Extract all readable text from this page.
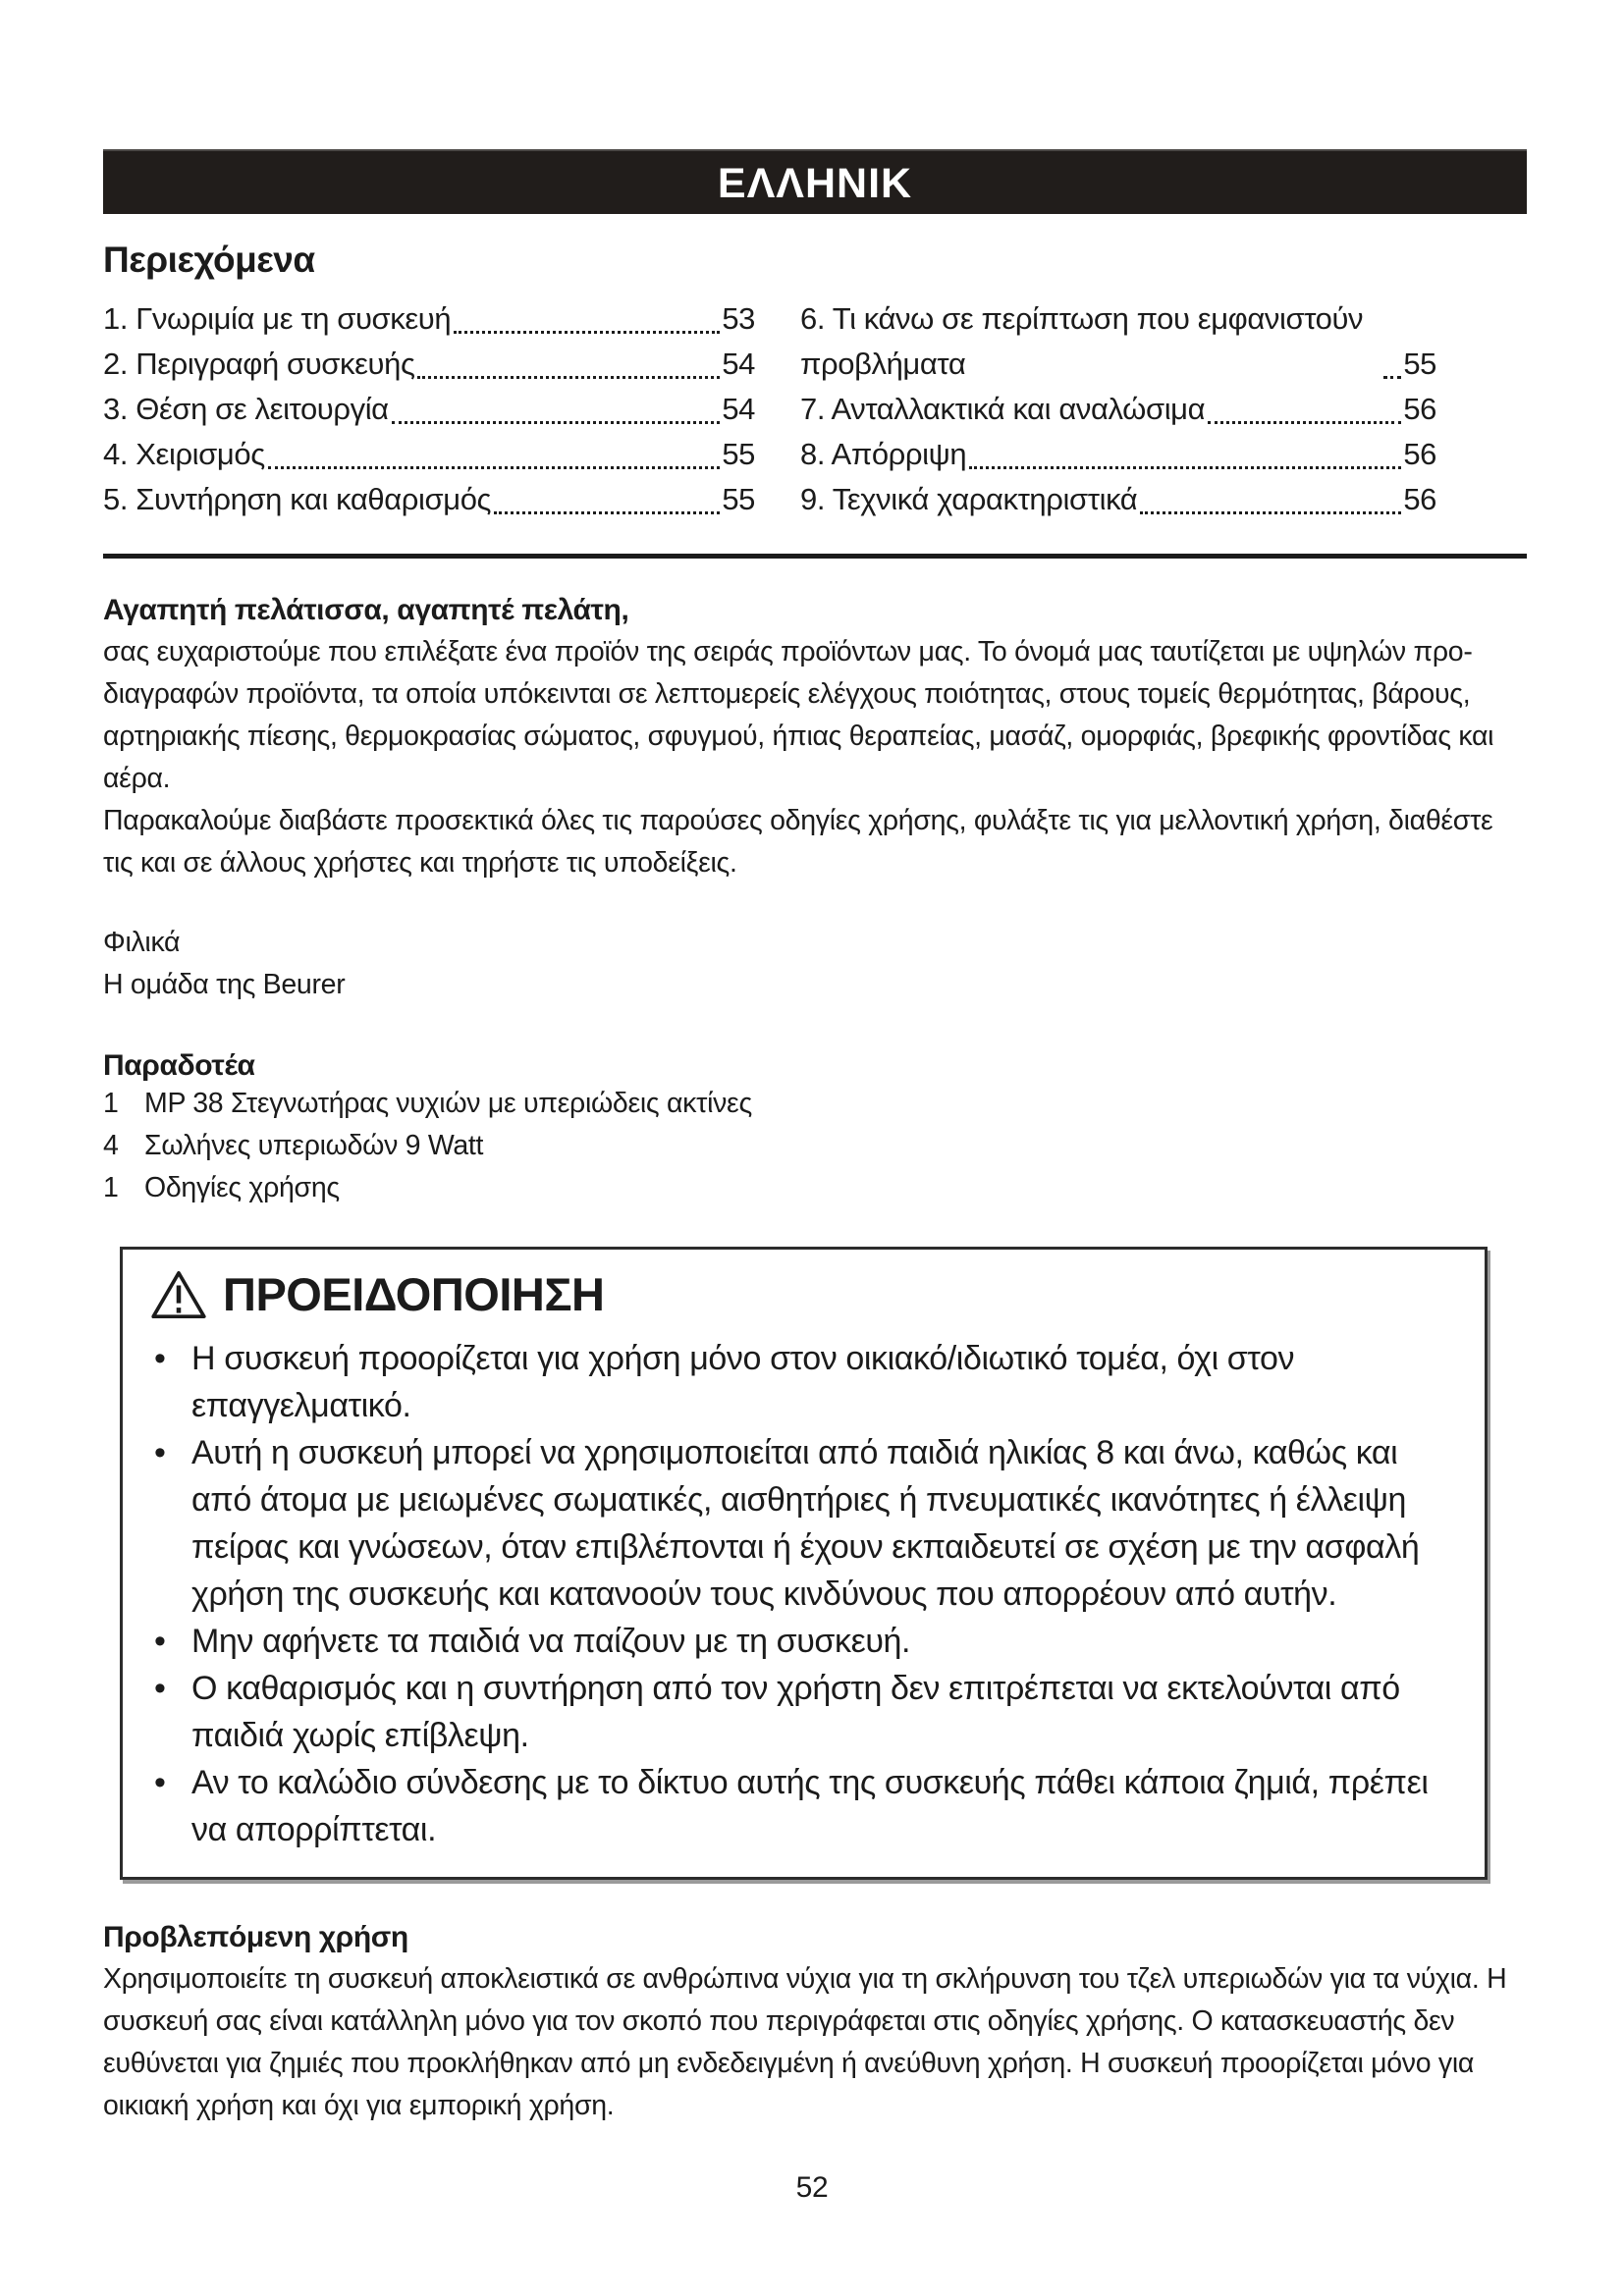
ΕΛΛΗΝΙΚ
Περιεχόμενα
1. Γνωριμία με τη συσκευή	53
2. Περιγραφή συσκευής	54
3. Θέση σε λειτουργία	54
4. Χειρισμός	55
5. Συντήρηση και καθαρισμός	55
6. Τι κάνω σε περίπτωση που εμφανιστούν προβλήματα	55
7. Ανταλλακτικά και αναλώσιμα	56
8. Απόρριψη	56
9. Τεχνικά χαρακτηριστικά	56
Αγαπητή πελάτισσα, αγαπητέ πελάτη,
σας ευχαριστούμε που επιλέξατε ένα προϊόν της σειράς προϊόντων μας. Το όνομά μας ταυτίζεται με υψηλών προδιαγραφών προϊόντα, τα οποία υπόκεινται σε λεπτομερείς ελέγχους ποιότητας, στους τομείς θερμότητας, βάρους, αρτηριακής πίεσης, θερμοκρασίας σώματος, σφυγμού, ήπιας θεραπείας, μασάζ, ομορφιάς, βρεφικής φροντίδας και αέρα.
Παρακαλούμε διαβάστε προσεκτικά όλες τις παρούσες οδηγίες χρήσης, φυλάξτε τις για μελλοντική χρήση, διαθέστε τις και σε άλλους χρήστες και τηρήστε τις υποδείξεις.
Φιλικά
Η ομάδα της Beurer
Παραδοτέα
1 MP 38 Στεγνωτήρας νυχιών με υπεριώδεις ακτίνες
4 Σωλήνες υπεριωδών 9 Watt
1 Οδηγίες χρήσης
ΠΡΟΕΙΔΟΠΟΙΗΣΗ
• Η συσκευή προορίζεται για χρήση μόνο στον οικιακό/ιδιωτικό τομέα, όχι στον επαγγελματικό.
• Αυτή η συσκευή μπορεί να χρησιμοποιείται από παιδιά ηλικίας 8 και άνω, καθώς και από άτομα με μειωμένες σωματικές, αισθητήριες ή πνευματικές ικανότητες ή έλλειψη πείρας και γνώσεων, όταν επιβλέπονται ή έχουν εκπαιδευτεί σε σχέση με την ασφαλή χρήση της συσκευής και κατανοούν τους κινδύνους που απορρέουν από αυτήν.
• Μην αφήνετε τα παιδιά να παίζουν με τη συσκευή.
• Ο καθαρισμός και η συντήρηση από τον χρήστη δεν επιτρέπεται να εκτελούνται από παιδιά χωρίς επίβλεψη.
• Αν το καλώδιο σύνδεσης με το δίκτυο αυτής της συσκευής πάθει κάποια ζημιά, πρέπει να απορρίπτεται.
Προβλεπόμενη χρήση
Χρησιμοποιείτε τη συσκευή αποκλειστικά σε ανθρώπινα νύχια για τη σκλήρυνση του τζελ υπεριωδών για τα νύχια. Η συσκευή σας είναι κατάλληλη μόνο για τον σκοπό που περιγράφεται στις οδηγίες χρήσης. Ο κατασκευαστής δεν ευθύνεται για ζημιές που προκλήθηκαν από μη ενδεδειγμένη ή ανεύθυνη χρήση. Η συσκευή προορίζεται μόνο για οικιακή χρήση και όχι για εμπορική χρήση.
52
